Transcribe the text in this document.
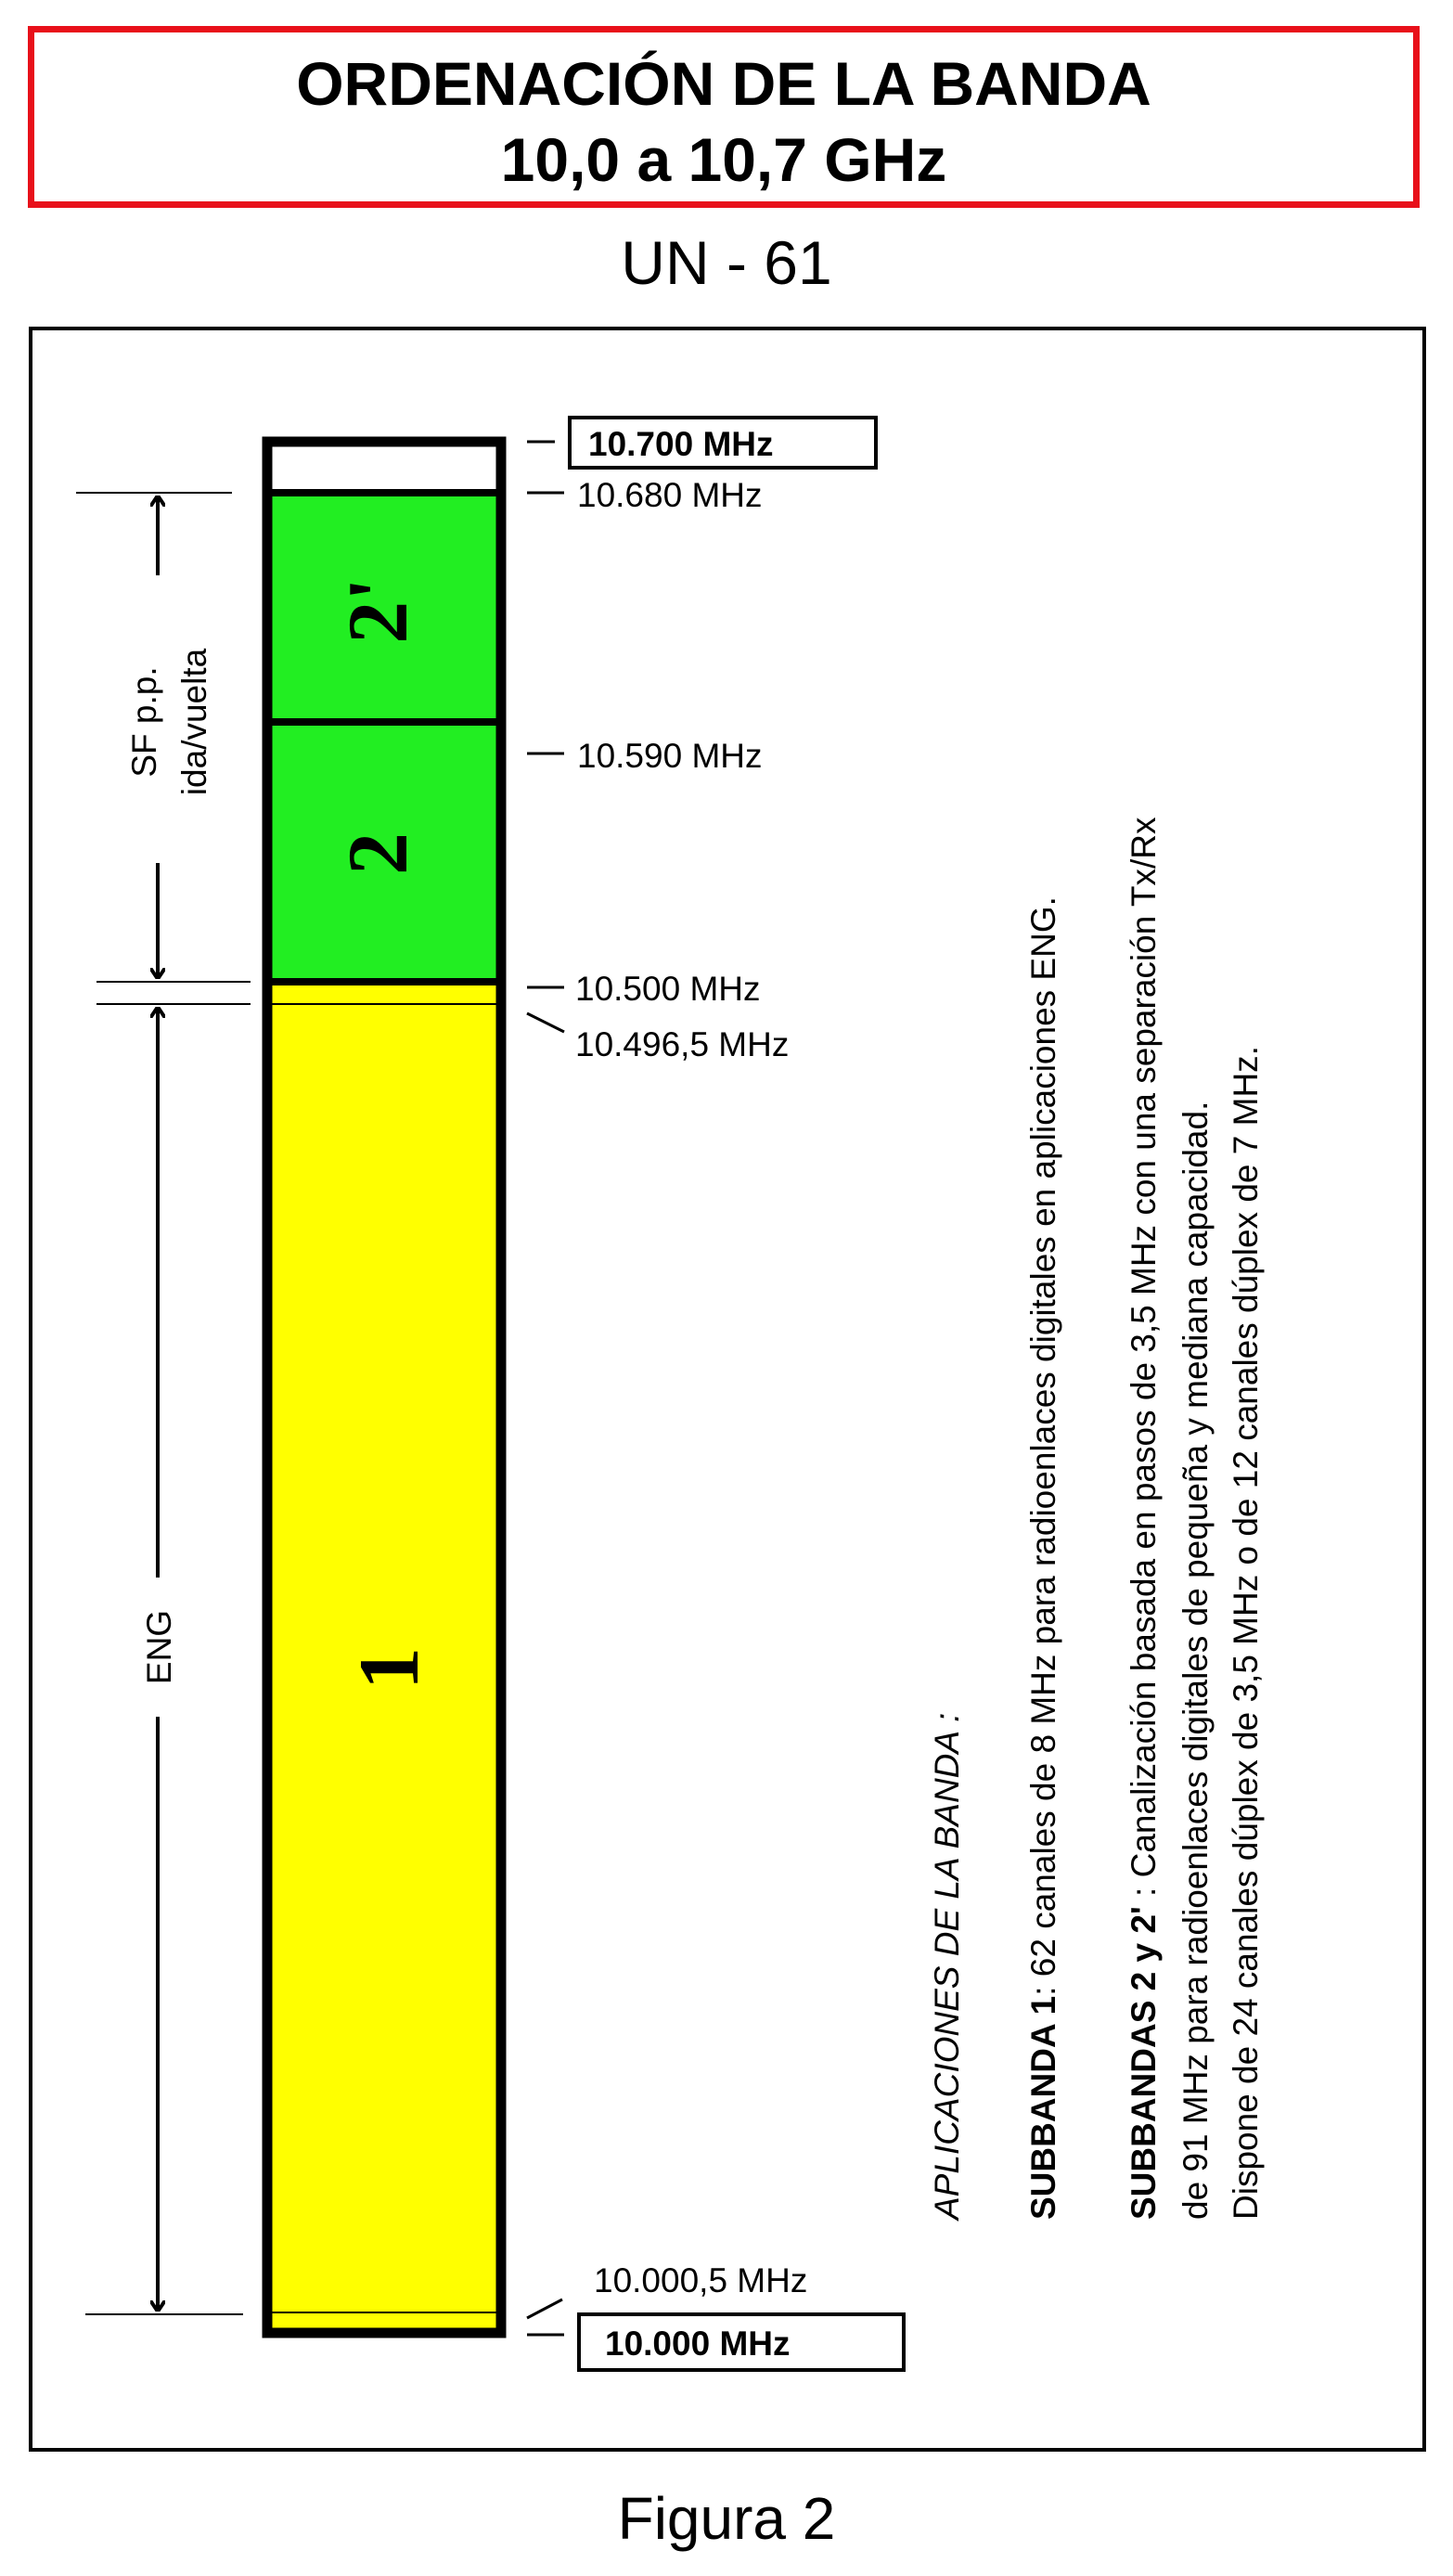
ORDENACIÓN DE LA BANDA
10,0 a 10,7 GHz
UN - 61
2'
2
1
10.700 MHz
10.680 MHz
10.590 MHz
10.500 MHz
10.496,5 MHz
10.000,5 MHz
10.000 MHz
SF p.p. ida/vuelta
ENG
APLICACIONES DE LA BANDA : SUBBANDA 1: 62 canales de 8 MHz para radioenlaces digitales en aplicaciones ENG.
SUBBANDAS 2 y 2' : Canalización basada en pasos de 3,5 MHz con una separación Tx/Rx de 91 MHz para radioenlaces digitales de pequeña y mediana capacidad. Dispone de 24 canales dúplex de 3,5 MHz o de 12 canales dúplex de 7 MHz.
Figura 2
